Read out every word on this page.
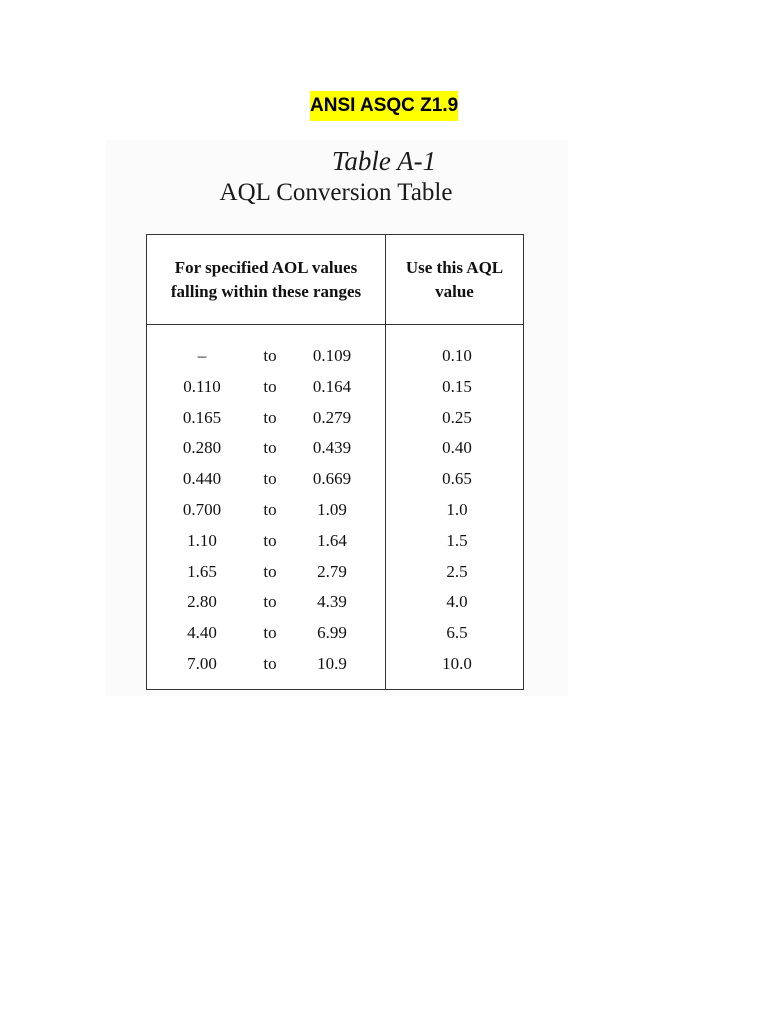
ANSI ASQC Z1.9
Table A-1
AQL Conversion Table
For specified AOL values
falling within these ranges
Use this AQL
value
–	to	0.109	0.10
0.110	to	0.164	0.15
0.165	to	0.279	0.25
0.280	to	0.439	0.40
0.440	to	0.669	0.65
0.700	to	1.09	1.0
1.10	to	1.64	1.5
1.65	to	2.79	2.5
2.80	to	4.39	4.0
4.40	to	6.99	6.5
7.00	to	10.9	10.0
